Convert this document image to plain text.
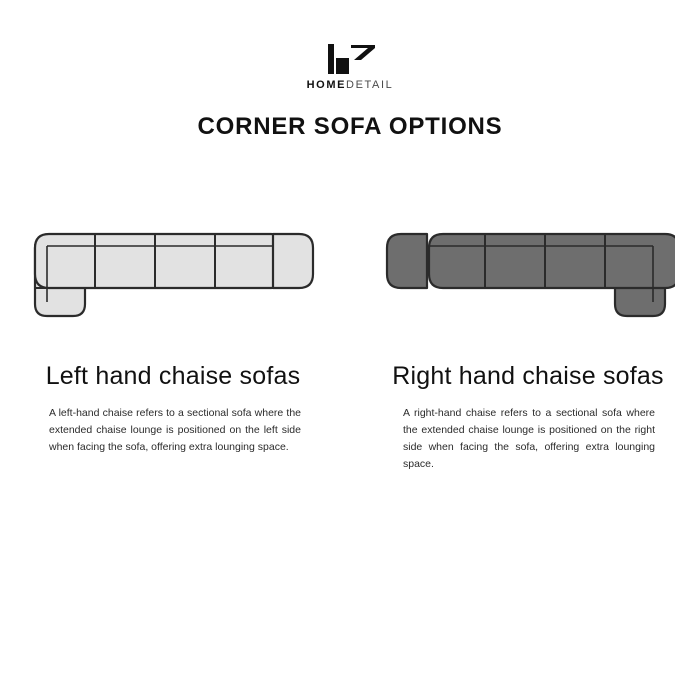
HOMEDETAIL
CORNER SOFA OPTIONS
Left hand chaise sofas
A left-hand chaise refers to a sectional sofa where the extended chaise lounge is positioned on the left side when facing the sofa, offering extra lounging space.
Right hand chaise sofas
A right-hand chaise refers to a sectional sofa where the extended chaise lounge is positioned on the right side when facing the sofa, offering extra lounging space.
